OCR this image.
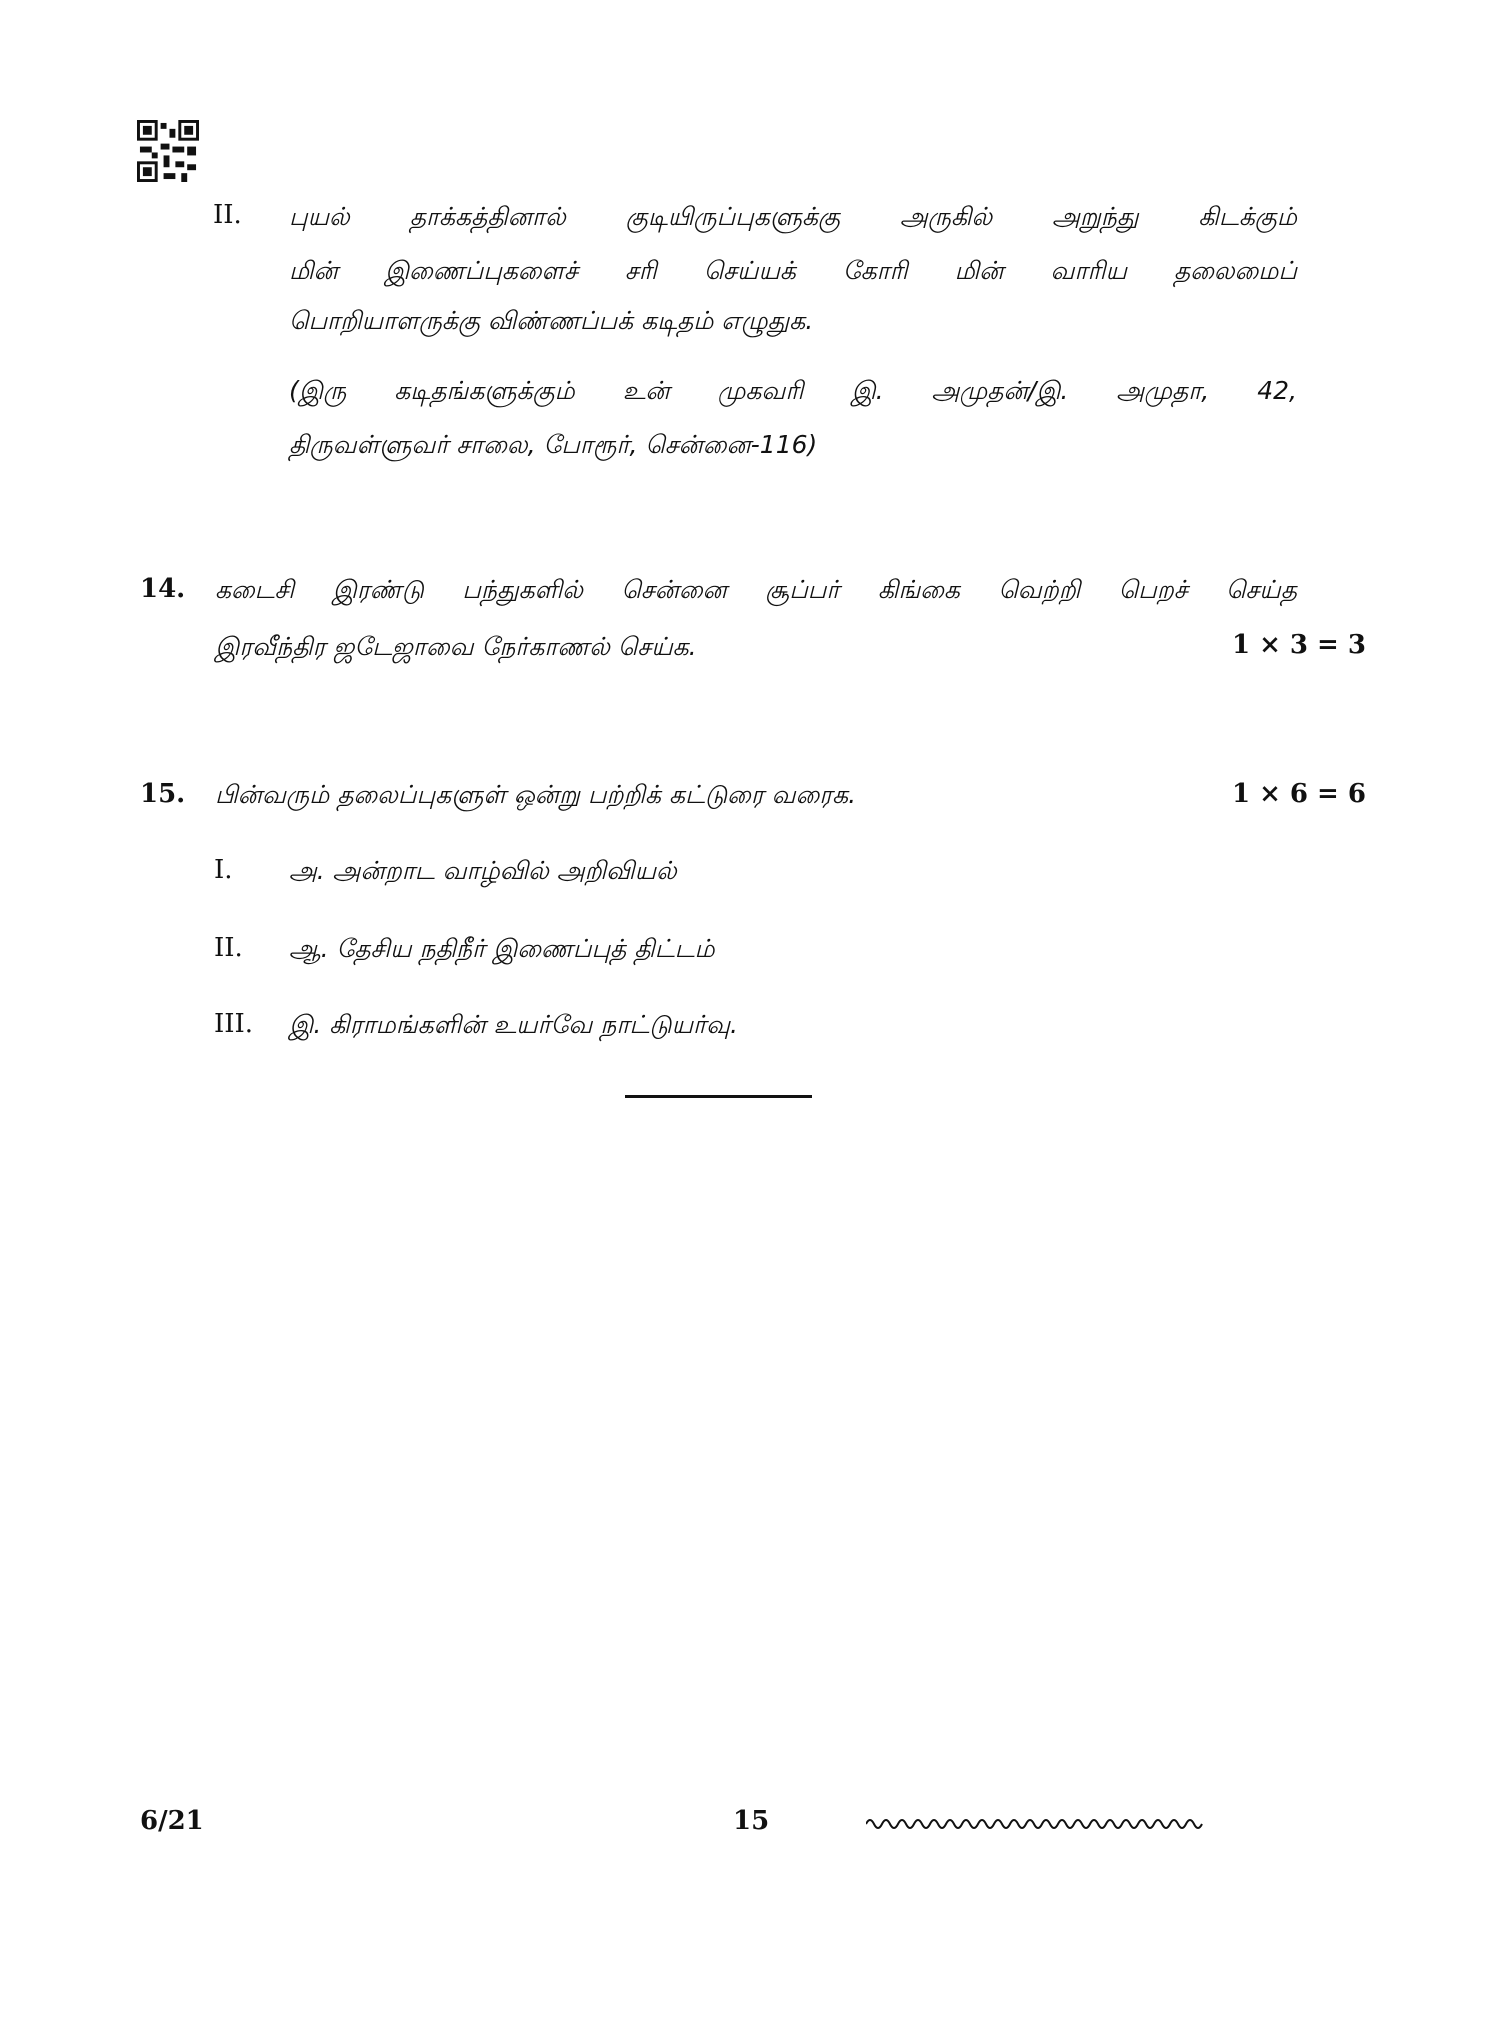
II. புயல் தாக்கத்தினால் குடியிருப்புகளுக்கு அருகில் அறுந்து கிடக்கும்
மின் இணைப்புகளைச் சரி செய்யக் கோரி மின் வாரிய தலைமைப்
பொறியாளருக்கு விண்ணப்பக் கடிதம் எழுதுக.
(இரு கடிதங்களுக்கும் உன் முகவரி இ. அமுதன்/இ. அமுதா, 42,
திருவள்ளுவர் சாலை, போரூர், சென்னை-116)
14. கடைசி இரண்டு பந்துகளில் சென்னை சூப்பர் கிங்கை வெற்றி பெறச் செய்த
இரவீந்திர ஜடேஜாவை நேர்காணல் செய்க.	1 × 3 = 3
15. பின்வரும் தலைப்புகளுள் ஒன்று பற்றிக் கட்டுரை வரைக.	1 × 6 = 6
I. அ. அன்றாட வாழ்வில் அறிவியல்
II. ஆ. தேசிய நதிநீர் இணைப்புத் திட்டம்
III. இ. கிராமங்களின் உயர்வே நாட்டுயர்வு.
6/21	15
